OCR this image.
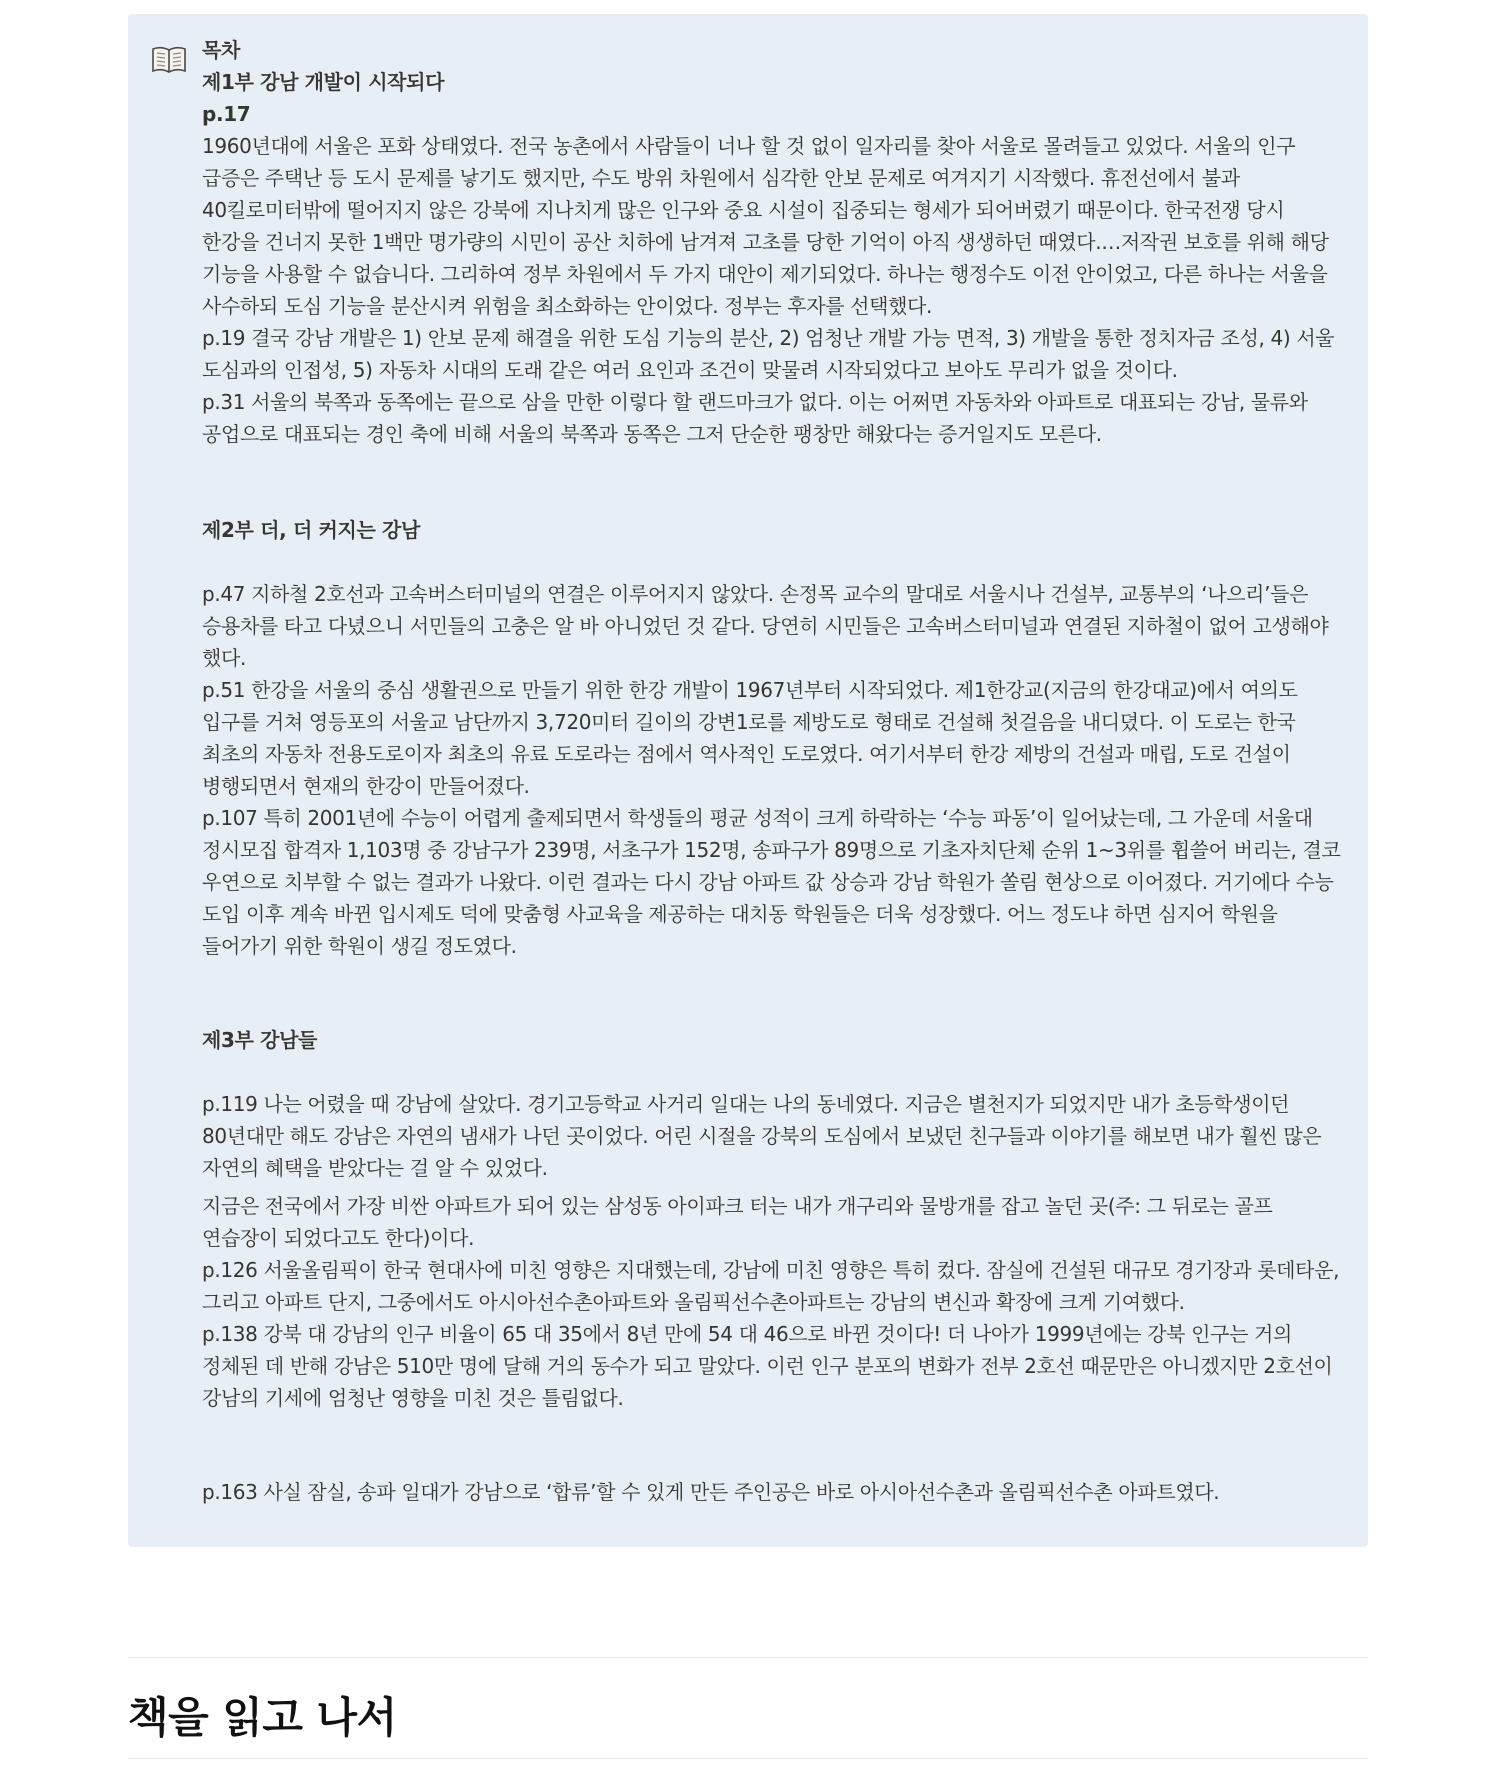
목차

제1부 강남 개발이 시작되다

p.17

1960년대에 서울은 포화 상태였다. 전국 농촌에서 사람들이 너나 할 것 없이 일자리를 찾아 서울로 몰려들고 있었다. 서울의 인구 급증은 주택난 등 도시 문제를 낳기도 했지만, 수도 방위 차원에서 심각한 안보 문제로 여겨지기 시작했다. 휴전선에서 불과 40킬로미터밖에 떨어지지 않은 강북에 지나치게 많은 인구와 중요 시설이 집중되는 형세가 되어버렸기 때문이다. 한국전쟁 당시 한강을 건너지 못한 1백만 명가량의 시민이 공산 치하에 남겨져 고초를 당한 기억이 아직 생생하던 때였다.…저작권 보호를 위해 해당 기능을 사용할 수 없습니다. 그리하여 정부 차원에서 두 가지 대안이 제기되었다. 하나는 행정수도 이전 안이었고, 다른 하나는 서울을 사수하되 도심 기능을 분산시켜 위험을 최소화하는 안이었다. 정부는 후자를 선택했다.

p.19 결국 강남 개발은 1) 안보 문제 해결을 위한 도심 기능의 분산, 2) 엄청난 개발 가능 면적, 3) 개발을 통한 정치자금 조성, 4) 서울 도심과의 인접성, 5) 자동차 시대의 도래 같은 여러 요인과 조건이 맞물려 시작되었다고 보아도 무리가 없을 것이다.

p.31 서울의 북쪽과 동쪽에는 끝으로 삼을 만한 이렇다 할 랜드마크가 없다. 이는 어쩌면 자동차와 아파트로 대표되는 강남, 물류와 공업으로 대표되는 경인 축에 비해 서울의 북쪽과 동쪽은 그저 단순한 팽창만 해왔다는 증거일지도 모른다.

제2부 더, 더 커지는 강남

p.47 지하철 2호선과 고속버스터미널의 연결은 이루어지지 않았다. 손정목 교수의 말대로 서울시나 건설부, 교통부의 ‘나으리’들은 승용차를 타고 다녔으니 서민들의 고충은 알 바 아니었던 것 같다. 당연히 시민들은 고속버스터미널과 연결된 지하철이 없어 고생해야 했다.

p.51 한강을 서울의 중심 생활권으로 만들기 위한 한강 개발이 1967년부터 시작되었다. 제1한강교(지금의 한강대교)에서 여의도 입구를 거쳐 영등포의 서울교 남단까지 3,720미터 길이의 강변1로를 제방도로 형태로 건설해 첫걸음을 내디뎠다. 이 도로는 한국 최초의 자동차 전용도로이자 최초의 유료 도로라는 점에서 역사적인 도로였다. 여기서부터 한강 제방의 건설과 매립, 도로 건설이 병행되면서 현재의 한강이 만들어졌다.

p.107 특히 2001년에 수능이 어렵게 출제되면서 학생들의 평균 성적이 크게 하락하는 ‘수능 파동’이 일어났는데, 그 가운데 서울대 정시모집 합격자 1,103명 중 강남구가 239명, 서초구가 152명, 송파구가 89명으로 기초자치단체 순위 1~3위를 휩쓸어 버리는, 결코 우연으로 치부할 수 없는 결과가 나왔다. 이런 결과는 다시 강남 아파트 값 상승과 강남 학원가 쏠림 현상으로 이어졌다. 거기에다 수능 도입 이후 계속 바뀐 입시제도 덕에 맞춤형 사교육을 제공하는 대치동 학원들은 더욱 성장했다. 어느 정도냐 하면 심지어 학원을 들어가기 위한 학원이 생길 정도였다.

제3부 강남들

p.119 나는 어렸을 때 강남에 살았다. 경기고등학교 사거리 일대는 나의 동네였다. 지금은 별천지가 되었지만 내가 초등학생이던 80년대만 해도 강남은 자연의 냄새가 나던 곳이었다. 어린 시절을 강북의 도심에서 보냈던 친구들과 이야기를 해보면 내가 훨씬 많은 자연의 혜택을 받았다는 걸 알 수 있었다.

지금은 전국에서 가장 비싼 아파트가 되어 있는 삼성동 아이파크 터는 내가 개구리와 물방개를 잡고 놀던 곳(주: 그 뒤로는 골프 연습장이 되었다고도 한다)이다.

p.126 서울올림픽이 한국 현대사에 미친 영향은 지대했는데, 강남에 미친 영향은 특히 컸다. 잠실에 건설된 대규모 경기장과 롯데타운, 그리고 아파트 단지, 그중에서도 아시아선수촌아파트와 올림픽선수촌아파트는 강남의 변신과 확장에 크게 기여했다.

p.138 강북 대 강남의 인구 비율이 65 대 35에서 8년 만에 54 대 46으로 바뀐 것이다! 더 나아가 1999년에는 강북 인구는 거의 정체된 데 반해 강남은 510만 명에 달해 거의 동수가 되고 말았다. 이런 인구 분포의 변화가 전부 2호선 때문만은 아니겠지만 2호선이 강남의 기세에 엄청난 영향을 미친 것은 틀림없다.

p.163 사실 잠실, 송파 일대가 강남으로 ‘합류’할 수 있게 만든 주인공은 바로 아시아선수촌과 올림픽선수촌 아파트였다.

책을 읽고 나서
